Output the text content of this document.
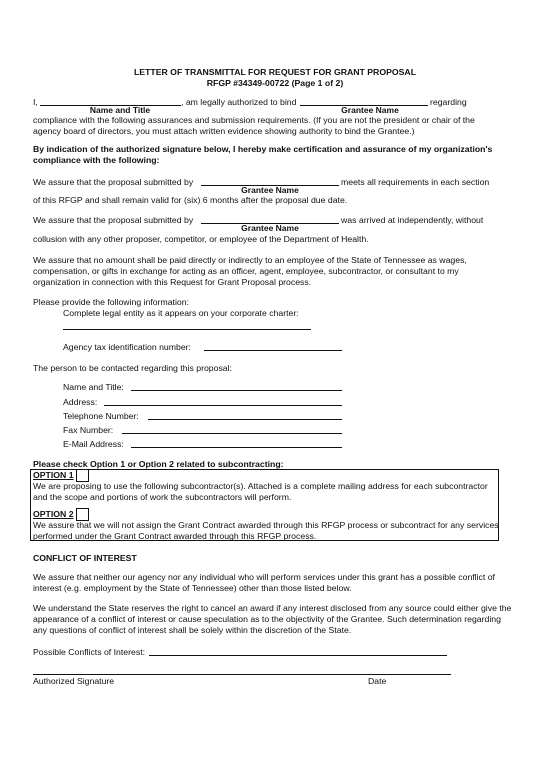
LETTER OF TRANSMITTAL FOR REQUEST FOR GRANT PROPOSAL
RFGP #34349-00722 (Page 1 of 2)
I,	, am legally authorized to bind	regarding
Name and Title	Grantee Name
compliance with the following assurances and submission requirements. (If you are not the president or chair of the agency board of directors, you must attach written evidence showing authority to bind the Grantee.)
By indication of the authorized signature below, I hereby make certification and assurance of my organization's compliance with the following:
We assure that the proposal submitted by	meets all requirements in each section
Grantee Name
of this RFGP and shall remain valid for (six) 6 months after the proposal due date.
We assure that the proposal submitted by	was arrived at independently, without
Grantee Name
collusion with any other proposer, competitor, or employee of the Department of Health.
We assure that no amount shall be paid directly or indirectly to an employee of the State of Tennessee as wages, compensation, or gifts in exchange for acting as an officer, agent, employee, subcontractor, or consultant to my organization in connection with this Request for Grant Proposal process.
Please provide the following information:
Complete legal entity as it appears on your corporate charter:
Agency tax identification number:
The person to be contacted regarding this proposal:
Name and Title:
Address:
Telephone Number:
Fax Number:
E-Mail Address:
Please check Option 1 or Option 2 related to subcontracting:
OPTION 1
We are proposing to use the following subcontractor(s). Attached is a complete mailing address for each subcontractor and the scope and portions of work the subcontractors will perform.
OPTION 2
We assure that we will not assign the Grant Contract awarded through this RFGP process or subcontract for any services performed under the Grant Contract awarded through this RFGP process.
CONFLICT OF INTEREST
We assure that neither our agency nor any individual who will perform services under this grant has a possible conflict of interest (e.g. employment by the State of Tennessee) other than those listed below.
We understand the State reserves the right to cancel an award if any interest disclosed from any source could either give the appearance of a conflict of interest or cause speculation as to the objectivity of the Grantee. Such determination regarding any questions of conflict of interest shall be solely within the discretion of the State.
Possible Conflicts of Interest:
Authorized Signature	Date
